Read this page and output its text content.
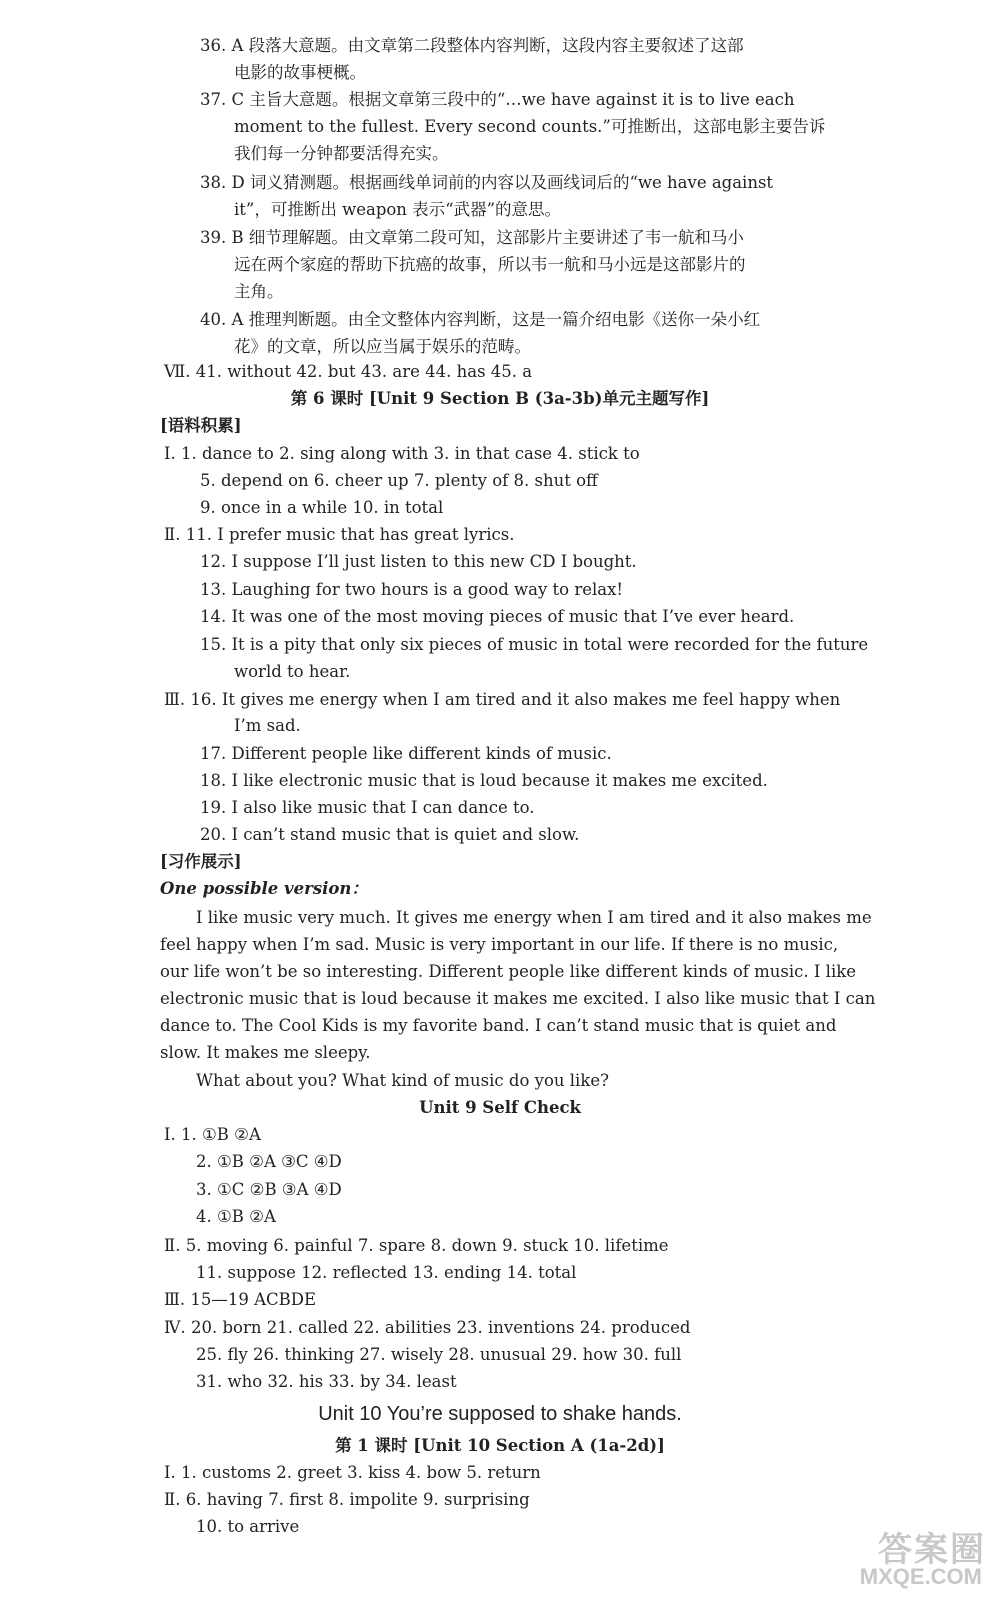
36. A 段落大意题。由文章第二段整体内容判断，这段内容主要叙述了这部
电影的故事梗概。
37. C 主旨大意题。根据文章第三段中的“…we have against it is to live each
moment to the fullest. Every second counts.”可推断出，这部电影主要告诉
我们每一分钟都要活得充实。
38. D 词义猜测题。根据画线单词前的内容以及画线词后的“we have against
it”，可推断出 weapon 表示“武器”的意思。
39. B 细节理解题。由文章第二段可知，这部影片主要讲述了韦一航和马小
远在两个家庭的帮助下抗癌的故事，所以韦一航和马小远是这部影片的
主角。
40. A 推理判断题。由全文整体内容判断，这是一篇介绍电影《送你一朵小红
花》的文章，所以应当属于娱乐的范畴。
Ⅶ. 41. without 42. but 43. are 44. has 45. a
第 6 课时 [Unit 9 Section B (3a-3b)单元主题写作]
[语料积累]
Ⅰ. 1. dance to 2. sing along with 3. in that case 4. stick to
5. depend on 6. cheer up 7. plenty of 8. shut off
9. once in a while 10. in total
Ⅱ. 11. I prefer music that has great lyrics.
12. I suppose I’ll just listen to this new CD I bought.
13. Laughing for two hours is a good way to relax!
14. It was one of the most moving pieces of music that I’ve ever heard.
15. It is a pity that only six pieces of music in total were recorded for the future
world to hear.
Ⅲ. 16. It gives me energy when I am tired and it also makes me feel happy when
I’m sad.
17. Different people like different kinds of music.
18. I like electronic music that is loud because it makes me excited.
19. I also like music that I can dance to.
20. I can’t stand music that is quiet and slow.
[习作展示]
One possible version：
I like music very much. It gives me energy when I am tired and it also makes me
feel happy when I’m sad. Music is very important in our life. If there is no music,
our life won’t be so interesting. Different people like different kinds of music. I like
electronic music that is loud because it makes me excited. I also like music that I can
dance to. The Cool Kids is my favorite band. I can’t stand music that is quiet and
slow. It makes me sleepy.
What about you? What kind of music do you like?
Unit 9 Self Check
Ⅰ. 1. ①B ②A
2. ①B ②A ③C ④D
3. ①C ②B ③A ④D
4. ①B ②A
Ⅱ. 5. moving 6. painful 7. spare 8. down 9. stuck 10. lifetime
11. suppose 12. reflected 13. ending 14. total
Ⅲ. 15—19 ACBDE
Ⅳ. 20. born 21. called 22. abilities 23. inventions 24. produced
25. fly 26. thinking 27. wisely 28. unusual 29. how 30. full
31. who 32. his 33. by 34. least
Unit 10 You’re supposed to shake hands.
第 1 课时 [Unit 10 Section A (1a-2d)]
Ⅰ. 1. customs 2. greet 3. kiss 4. bow 5. return
Ⅱ. 6. having 7. first 8. impolite 9. surprising
10. to arrive
答案圈
MXQE.COM
